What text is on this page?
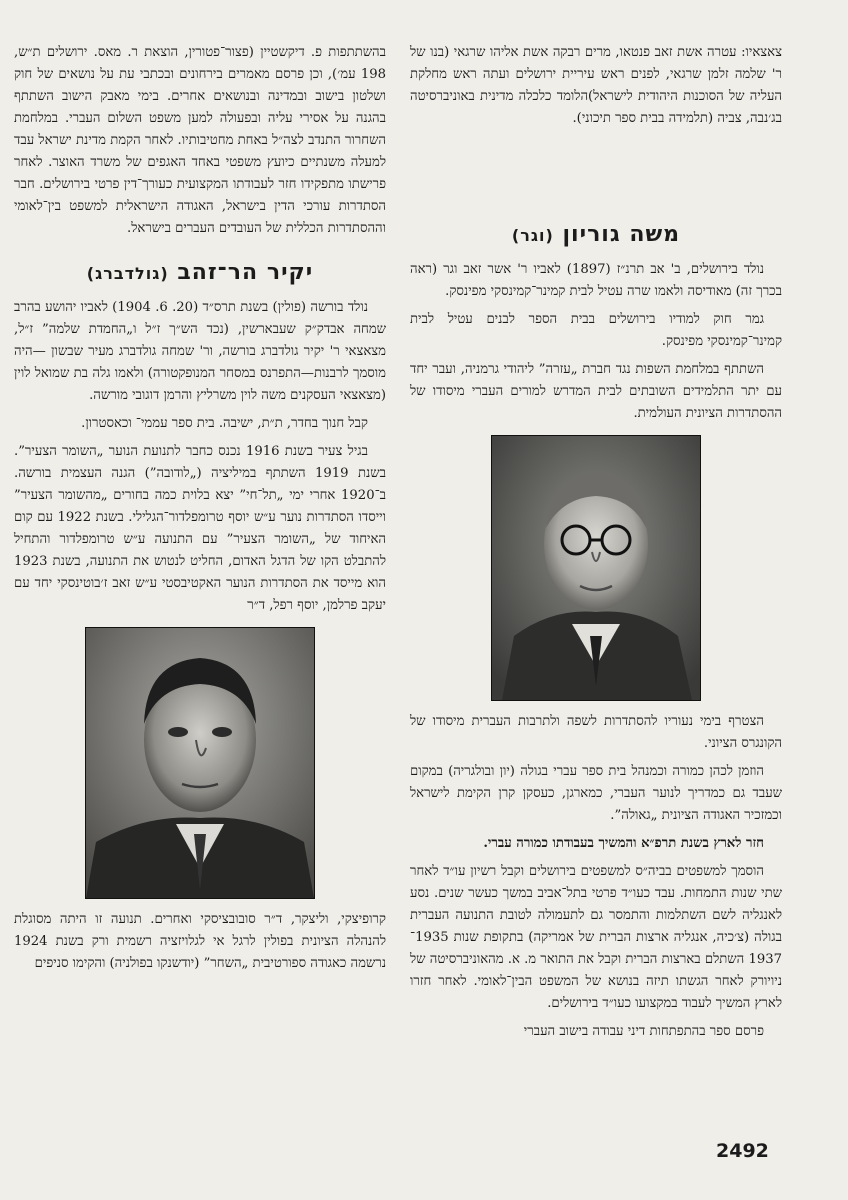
צאצאיו: עטרה אשת זאב פנטאו, מרים רבקה אשת אליהו שרגאי (בנו של ר' שלמה זלמן שרגאי, לפנים ראש עיריית ירושלים ועתה ראש מחלקת העליה של הסוכנות היהודית לישראל)הלומד כלכלה מדינית באוניברסיטה בג׳נבה, צביה (תלמידה בבית ספר תיכוני).

משה גוריון (וגר)

נולד בירושלים, ב' אב תרנ״ז (1897) לאביו ר' אשר זאב וגר (ראה בכרך זה) מאודיסה ולאמו שרה עטיל לבית קמינר־קמינסקי מפינסק.

גמר חוק למודיו בירושלים בבית הספר לבנים עטיל לבית קמינר־קמינסקי מפינסק.

השתתף במלחמת השפות נגד חברת „עזרה” ליהודי גרמניה, ועבר יחד עם יתר התלמידים השובתים לבית המדרש למורים העברי מיסודו של ההסתדרות הציונית העולמית.

הצטרף בימי נעוריו להסתדרות לשפה ולתרבות העברית מיסודו של הקונגרס הציוני.

הוזמן לכהן כמורה וכמנהל בית ספר עברי בגולה (יון ובולגריה) במקום שעבד גם כמדריך לנוער העברי, כמארגן, כעסקן קרן הקימת לישראל וכמזכיר האגודה הציונית „גאולה”.

חזר לארץ בשנת תרפ״א והמשיך בעבודתו כמורה עברי.

הוסמך למשפטים בביה״ס למשפטים בירושלים וקבל רשיון עו״ד לאחר שתי שנות התמחות. עבד כעו״ד פרטי בתל־אביב במשך כעשר שנים. נסע לאנגליה לשם השתלמות והתמסר גם לתעמולה לטובת התנועה העברית בגולה (צ׳כיה, אנגליה ארצות הברית של אמריקה) בתקופת שנות 1935־1937 השתלם בארצות הברית וקבל את התואר מ. א. מהאוניברסיטה של ניויורק לאחר הגשתו תיזה בנושא של המשפט הבין־לאומי. לאחר חזרו לארץ המשיך לעבוד במקצועו כעו״ד בירושלים.

פרסם ספר בהתפתחות דיני עבודה בישוב העברי

בהשתתפות פ. דיקשטיין (פצור־פטורין, הוצאת ר. מאס. ירושלים ת״ש, 198 עמ׳), וכן פרסם מאמרים בירחונים ובכתבי עת על נושאים של חוק ושלטון בישוב ובמדינה ובנושאים אחרים. בימי מאבק הישוב השתתף בהגנה על אסירי עליה ובפעולה למען משפט השלום העברי. במלחמת השחרור התנדב לצה״ל באחת מחטיבותיו. לאחר הקמת מדינת ישראל עבד למעלה משנתיים כיועץ משפטי באחד האגפים של משרד האוצר. לאחר פרישתו מתפקידו חזר לעבודתו המקצועית כעורך־דין פרטי בירושלים. חבר הסתדרות עורכי הדין בישראל, האגודה הישראלית למשפט בין־לאומי וההסתדרות הכללית של העובדים העברים בישראל.

יקיר הר־זהב (גולדברג)

נולד בורשה (פולין) בשנת תרס״ד (20. 6. 1904) לאביו יהושע בהרב שמחה אבדק״ק שעבארשין, (נכד הש״ך ז״ל ו„החמדת שלמה” ז״ל, מצאצאי ר' יקיר גולדברג בורשה, ור' שמחה גולדברג מעיר שבשון —היה מוסמך לרבנות—התפרנס במסחר המנופקטורה) ולאמו גלה בת שמואל לוין (מצאצאי העסקנים משה לוין משרליץ והרמן דוגובי מורשה.

קבל חנוך בחדר, ת״ת, ישיבה. בית ספר עממי־ וכאסטרון.

בגיל צעיר בשנת 1916 נכנס כחבר לתנועת הנוער „השומר הצעיר”. בשנת 1919 השתתף במיליציה („לודובה”) הגנה העצמית בורשה. ב־1920 אחרי ימי „תל־חי” יצא בלוית כמה בחורים „מהשומר הצעיר” וייסדו הסתדרות נוער ע״ש יוסף טרומפלדור־הגלילי. בשנת 1922 עם קום האיחוד של „השומר הצעיר” עם התנועה ע״ש טרומפלדור והתחיל להתבלט הקו של הדגל האדום, החליט לנטוש את התנועה, בשנת 1923 הוא מייסד את הסתדרות הנוער האקטיבסטי ע״ש זאב ז׳בוטינסקי יחד עם יעקב פרלמן, יוסף רפל, ד״ר

קרופיצקי, וליצקר, ד״ר סובובציסקי ואחרים. תנועה זו היתה מסוגלת להנהלה הציונית בפולין לרגל אי לגלויזציה רשמית ורק בשנת 1924 נרשמה כאגודה ספורטיבית „השחר” (יודשנקו בפולניה) והקימו סניפים

2492
